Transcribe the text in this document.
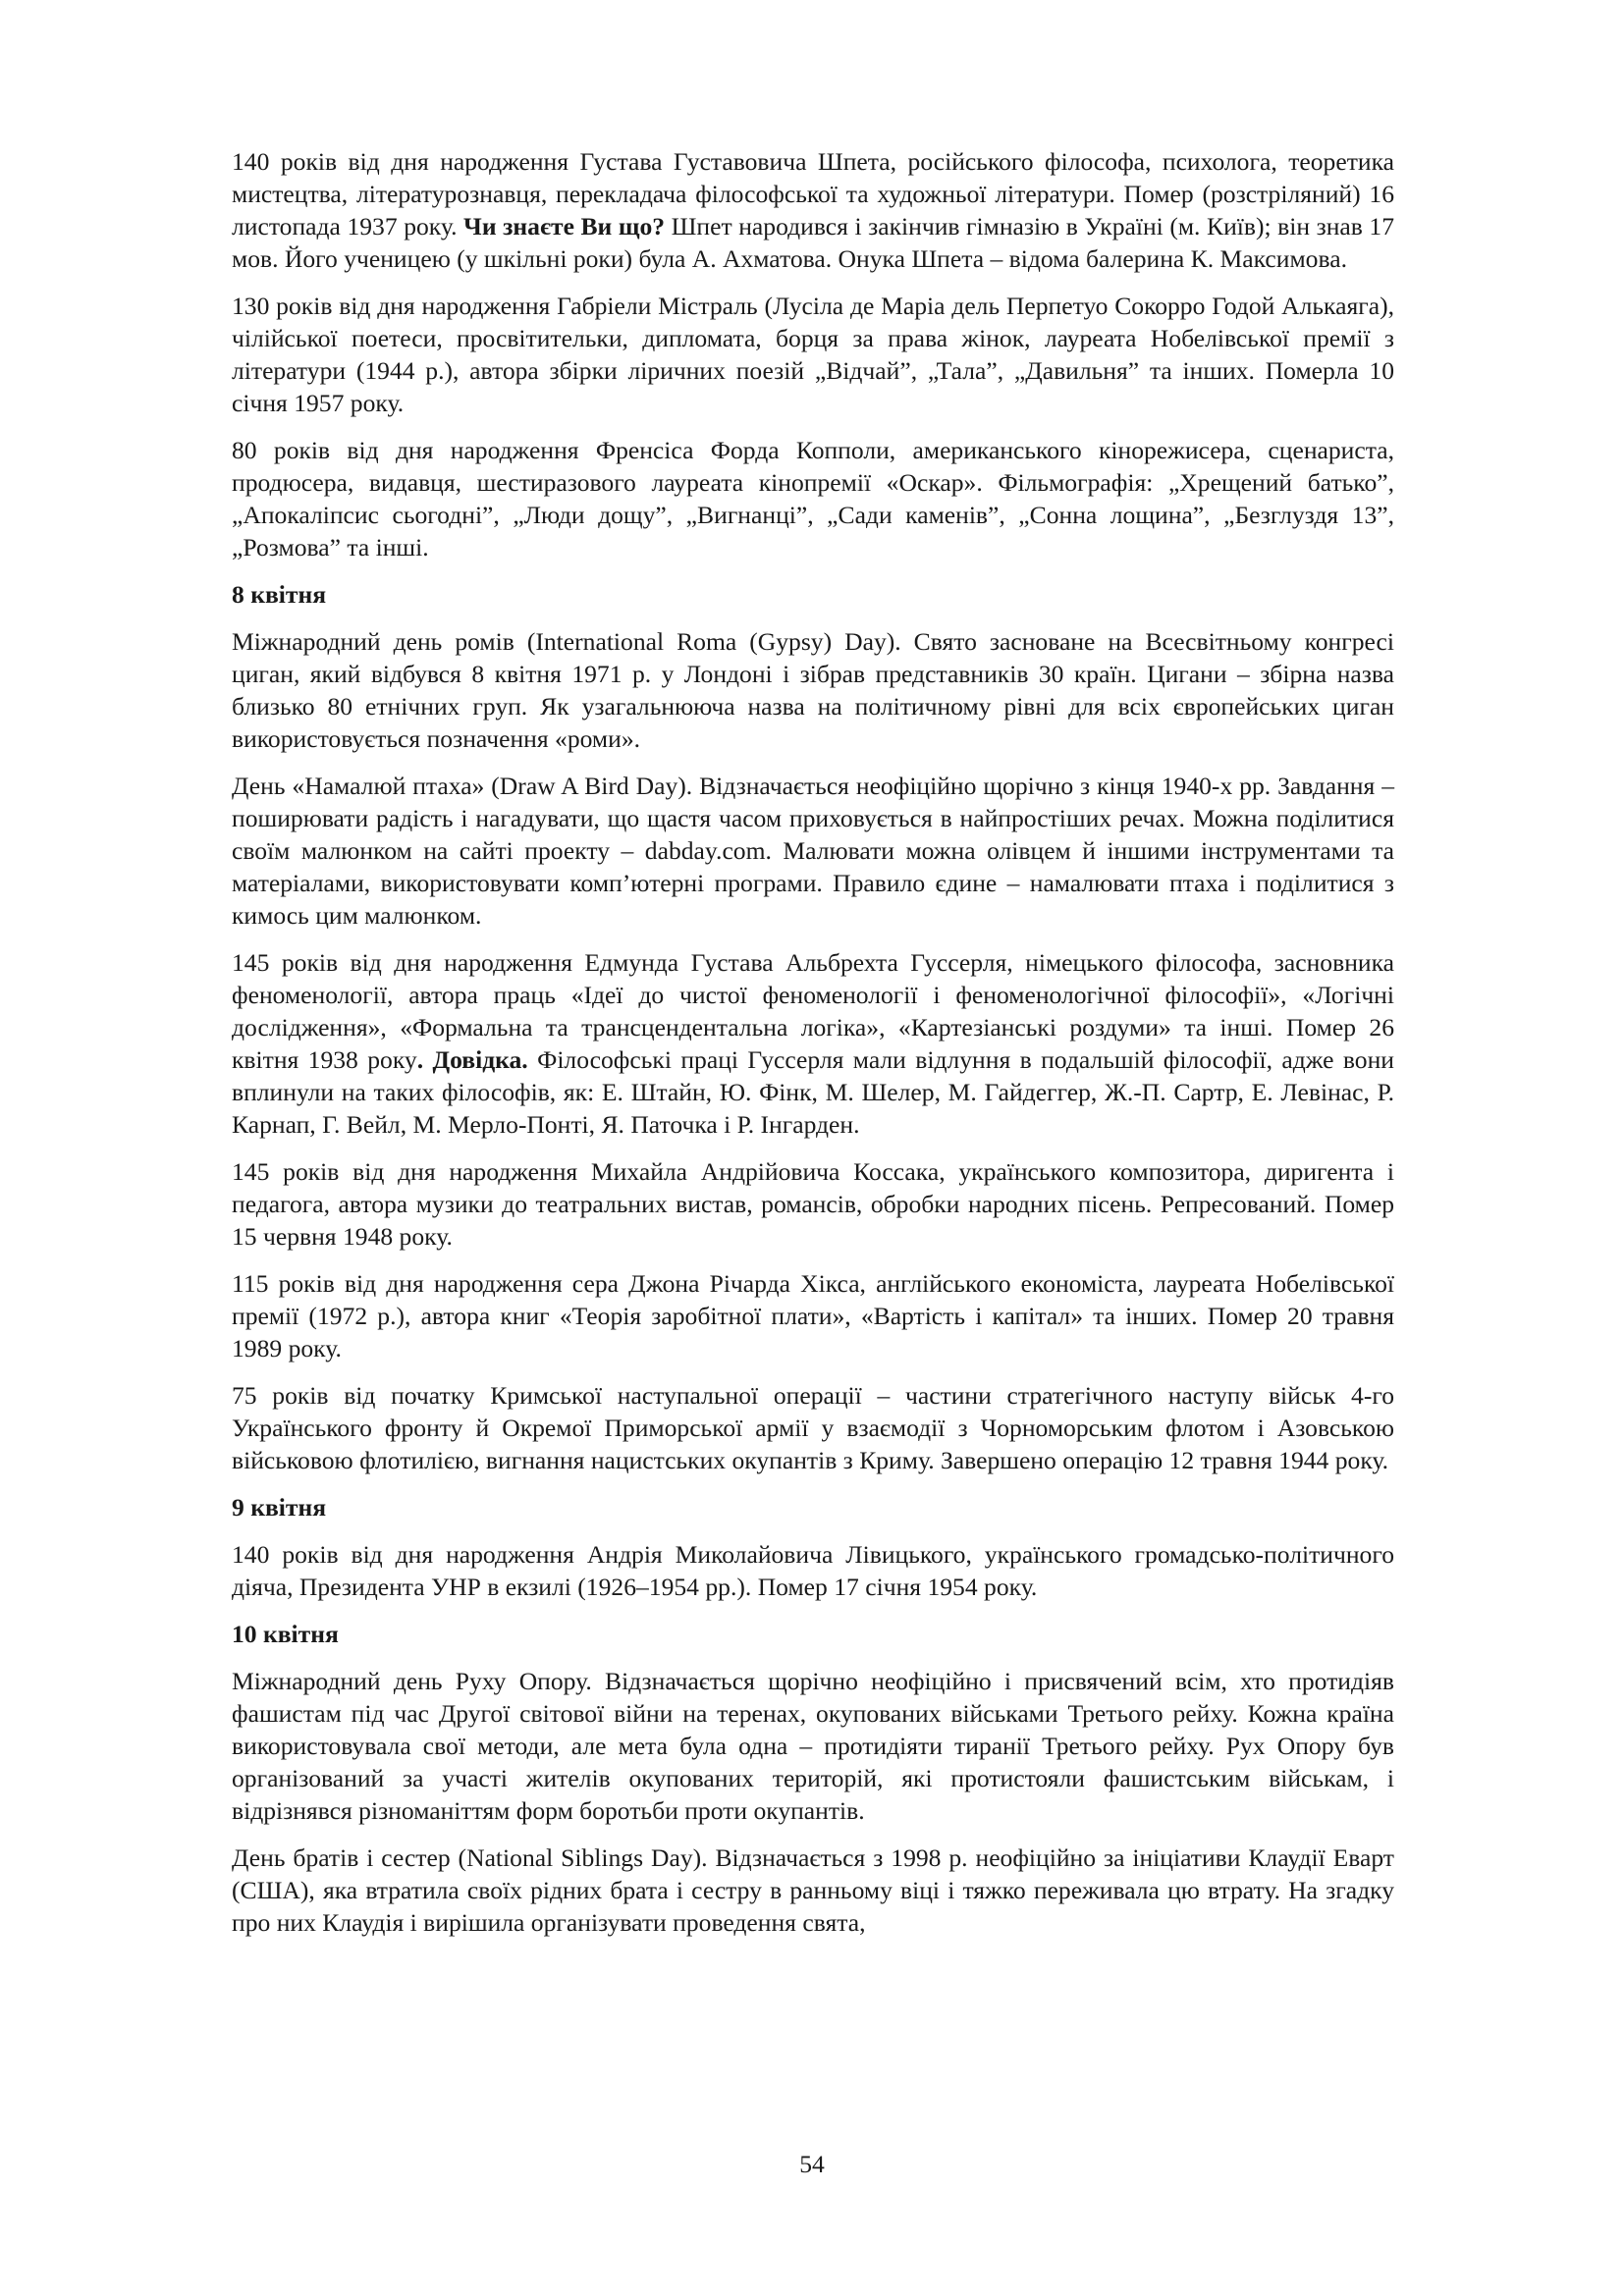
140 років від дня народження Густава Густавовича Шпета, російського філософа, психолога, теоретика мистецтва, літературознавця, перекладача філософської та художньої літератури. Помер (розстріляний) 16 листопада 1937 року. Чи знаєте Ви що? Шпет народився і закінчив гімназію в Україні (м. Київ); він знав 17 мов. Його ученицею (у шкільні роки) була А. Ахматова. Онука Шпета – відома балерина К. Максимова.

130 років від дня народження Габріели Містраль (Лусіла де Маріа дель Перпетуо Сокорро Годой Алькаяга), чілійської поетеси, просвітительки, дипломата, борця за права жінок, лауреата Нобелівської премії з літератури (1944 р.), автора збірки ліричних поезій „Відчай”, „Тала”, „Давильня” та інших. Померла 10 січня 1957 року.

80 років від дня народження Френсіса Форда Копполи, американського кінорежисера, сценариста, продюсера, видавця, шестиразового лауреата кінопремії «Оскар». Фільмографія: „Хрещений батько”, „Апокаліпсис сьогодні”, „Люди дощу”, „Вигнанці”, „Сади каменів”, „Сонна лощина”, „Безглуздя 13”, „Розмова” та інші.

8 квітня

Міжнародний день ромів (International Roma (Gypsy) Day). Свято засноване на Всесвітньому конгресі циган, який відбувся 8 квітня 1971 р. у Лондоні і зібрав представників 30 країн. Цигани – збірна назва близько 80 етнічних груп. Як узагальнююча назва на політичному рівні для всіх європейських циган використовується позначення «роми».

День «Намалюй птаха» (Draw A Bird Day). Відзначається неофіційно щорічно з кінця 1940-х рр. Завдання – поширювати радість і нагадувати, що щастя часом приховується в найпростіших речах. Можна поділитися своїм малюнком на сайті проекту – dabday.com. Малювати можна олівцем й іншими інструментами та матеріалами, використовувати комп’ютерні програми. Правило єдине – намалювати птаха і поділитися з кимось цим малюнком.

145 років від дня народження Едмунда Густава Альбрехта Гуссерля, німецького філософа, засновника феноменології, автора праць «Ідеї до чистої феноменології і феноменологічної філософії», «Логічні дослідження», «Формальна та трансцендентальна логіка», «Картезіанські роздуми» та інші. Помер 26 квітня 1938 року. Довідка. Філософські праці Гуссерля мали відлуння в подальшій філософії, адже вони вплинули на таких філософів, як: Е. Штайн, Ю. Фінк, М. Шелер, М. Гайдеггер, Ж.-П. Сартр, Е. Левінас, Р. Карнап, Г. Вейл, М. Мерло-Понті, Я. Паточка і Р. Інгарден.

145 років від дня народження Михайла Андрійовича Коссака, українського композитора, диригента і педагога, автора музики до театральних вистав, романсів, обробки народних пісень. Репресований. Помер 15 червня 1948 року.

115 років від дня народження сера Джона Річарда Хікса, англійського економіста, лауреата Нобелівської премії (1972 р.), автора книг «Теорія заробітної плати», «Вартість і капітал» та інших. Помер 20 травня 1989 року.

75 років від початку Кримської наступальної операції – частини стратегічного наступу військ 4-го Українського фронту й Окремої Приморської армії у взаємодії з Чорноморським флотом і Азовською військовою флотилією, вигнання нацистських окупантів з Криму. Завершено операцію 12 травня 1944 року.

9 квітня

140 років від дня народження Андрія Миколайовича Лівицького, українського громадсько-політичного діяча, Президента УНР в екзилі (1926–1954 рр.). Помер 17 січня 1954 року.

10 квітня

Міжнародний день Руху Опору. Відзначається щорічно неофіційно і присвячений всім, хто протидіяв фашистам під час Другої світової війни на теренах, окупованих військами Третього рейху. Кожна країна використовувала свої методи, але мета була одна – протидіяти тиранії Третього рейху. Рух Опору був організований за участі жителів окупованих територій, які протистояли фашистським військам, і відрізнявся різноманіттям форм боротьби проти окупантів.

День братів і сестер (National Siblings Day). Відзначається з 1998 р. неофіційно за ініціативи Клаудії Еварт (США), яка втратила своїх рідних брата і сестру в ранньому віці і тяжко переживала цю втрату. На згадку про них Клаудія і вирішила організувати проведення свята,

54
